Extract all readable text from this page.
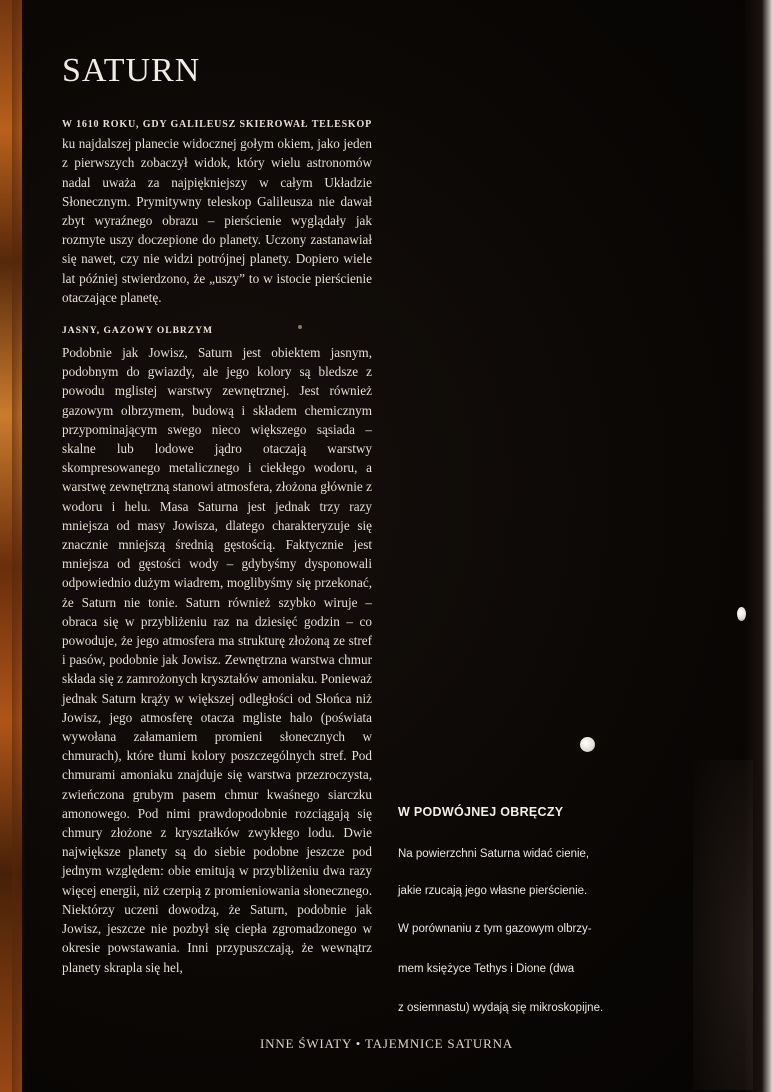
SATURN

W 1610 ROKU, GDY GALILEUSZ SKIEROWAŁ TELESKOP ku najdalszej planecie widocznej gołym okiem, jako jeden z pierwszych zobaczył widok, który wielu astronomów nadal uważa za najpiękniejszy w całym Układzie Słonecznym. Prymitywny teleskop Galileusza nie dawał zbyt wyraźnego obrazu – pierścienie wyglądały jak rozmyte uszy doczepione do planety. Uczony zastanawiał się nawet, czy nie widzi potrójnej planety. Dopiero wiele lat później stwierdzono, że „uszy” to w istocie pierścienie otaczające planetę.

JASNY, GAZOWY OLBRZYM

Podobnie jak Jowisz, Saturn jest obiektem jasnym, podobnym do gwiazdy, ale jego kolory są bledsze z powodu mglistej warstwy zewnętrznej. Jest również gazowym olbrzymem, budową i składem chemicznym przypominającym swego nieco większego sąsiada – skalne lub lodowe jądro otaczają warstwy skompresowanego metalicznego i ciekłego wodoru, a warstwę zewnętrzną stanowi atmosfera, złożona głównie z wodoru i helu. Masa Saturna jest jednak trzy razy mniejsza od masy Jowisza, dlatego charakteryzuje się znacznie mniejszą średnią gęstością. Faktycznie jest mniejsza od gęstości wody – gdybyśmy dysponowali odpowiednio dużym wiadrem, moglibyśmy się przekonać, że Saturn nie tonie. Saturn również szybko wiruje – obraca się w przybliżeniu raz na dziesięć godzin – co powoduje, że jego atmosfera ma strukturę złożoną ze stref i pasów, podobnie jak Jowisz. Zewnętrzna warstwa chmur składa się z zamrożonych kryształów amoniaku. Ponieważ jednak Saturn krąży w większej odległości od Słońca niż Jowisz, jego atmosferę otacza mgliste halo (poświata wywołana załamaniem promieni słonecznych w chmurach), które tłumi kolory poszczególnych stref. Pod chmurami amoniaku znajduje się warstwa przezroczysta, zwieńczona grubym pasem chmur kwaśnego siarczku amonowego. Pod nimi prawdopodobnie rozciągają się chmury złożone z kryształków zwykłego lodu. Dwie największe planety są do siebie podobne jeszcze pod jednym względem: obie emitują w przybliżeniu dwa razy więcej energii, niż czerpią z promieniowania słonecznego. Niektórzy uczeni dowodzą, że Saturn, podobnie jak Jowisz, jeszcze nie pozbył się ciepła zgromadzonego w okresie powstawania. Inni przypuszczają, że wewnątrz planety skrapla się hel,

W PODWÓJNEJ OBRĘCZY

Na powierzchni Saturna widać cienie,

jakie rzucają jego własne pierścienie.

W porównaniu z tym gazowym olbrzy-

mem księżyce Tethys i Dione (dwa

z osiemnastu) wydają się mikroskopijne.

INNE ŚWIATY • TAJEMNICE SATURNA
